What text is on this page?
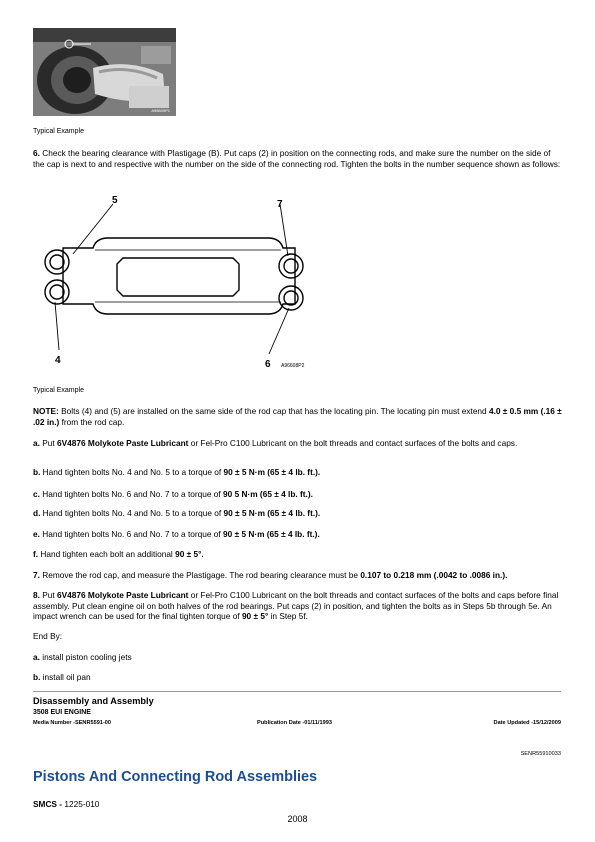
A96609P1
Typical Example
6. Check the bearing clearance with Plastigage (B). Put caps (2) in position on the connecting rods, and make sure the number on the side of the cap is next to and respective with the number on the side of the connecting rod. Tighten the bolts in the number sequence shown as follows:
5	7
4	6 A96608P2
Typical Example
NOTE: Bolts (4) and (5) are installed on the same side of the rod cap that has the locating pin. The locating pin must extend 4.0 ± 0.5 mm (.16 ± .02 in.) from the rod cap.
a. Put 6V4876 Molykote Paste Lubricant or Fel-Pro C100 Lubricant on the bolt threads and contact surfaces of the bolts and caps.
b. Hand tighten bolts No. 4 and No. 5 to a torque of 90 ± 5 N·m (65 ± 4 lb. ft.).
c. Hand tighten bolts No. 6 and No. 7 to a torque of 90 5 N·m (65 ± 4 lb. ft.).
d. Hand tighten bolts No. 4 and No. 5 to a torque of 90 ± 5 N·m (65 ± 4 lb. ft.).
e. Hand tighten bolts No. 6 and No. 7 to a torque of 90 ± 5 N·m (65 ± 4 lb. ft.).
f. Hand tighten each bolt an additional 90 ± 5°.
7. Remove the rod cap, and measure the Plastigage. The rod bearing clearance must be 0.107 to 0.218 mm (.0042 to .0086 in.).
8. Put 6V4876 Molykote Paste Lubricant or Fel-Pro C100 Lubricant on the bolt threads and contact surfaces of the bolts and caps before final assembly. Put clean engine oil on both halves of the rod bearings. Put caps (2) in position, and tighten the bolts as in Steps 5b through 5e. An impact wrench can be used for the final tighten torque of 90 ± 5° in Step 5f.
End By:
a. install piston cooling jets
b. install oil pan
Disassembly and Assembly
3508 EUI ENGINE
Media Number -SENR5591-00	Publication Date -01/11/1993	Date Updated -15/12/2009
SENR55910033
Pistons And Connecting Rod Assemblies
SMCS - 1225-010
2008
